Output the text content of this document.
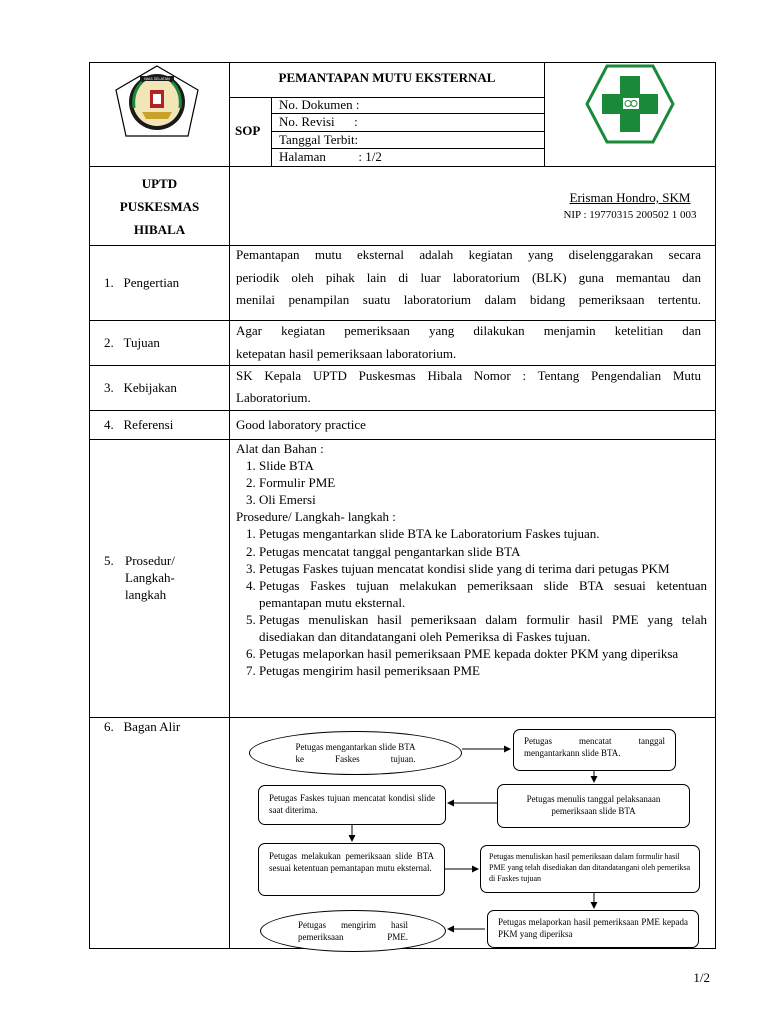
NIAS SELATAN	PEMANTAPAN MUTU EKSTERNAL
SOP
No. Dokumen :
No. Revisi      :
Tanggal Terbit:
Halaman          : 1/2
UPTD
PUSKESMAS
HIBALA
Erisman Hondro, SKM
NIP : 19770315 200502 1 003
1. Pengertian
Pemantapan mutu eksternal adalah kegiatan yang diselenggarakan secara
periodik oleh pihak lain di luar laboratorium (BLK) guna memantau dan
menilai penampilan suatu laboratorium dalam bidang pemeriksaan tertentu.
2. Tujuan
Agar kegiatan pemeriksaan yang dilakukan menjamin ketelitian dan
ketepatan hasil pemeriksaan laboratorium.
3. Kebijakan
SK Kepala UPTD Puskesmas Hibala Nomor : Tentang Pengendalian Mutu
Laboratorium.
4. Referensi	Good laboratory practice
5. Prosedur/
Langkah-
langkah
Alat dan Bahan :
1. Slide BTA
2. Formulir PME
3. Oli Emersi
Prosedure/ Langkah- langkah :
1. Petugas mengantarkan slide BTA ke Laboratorium Faskes tujuan.
2. Petugas mencatat tanggal pengantarkan slide BTA
3. Petugas Faskes tujuan mencatat kondisi slide yang di terima dari petugas PKM
4. Petugas Faskes tujuan melakukan pemeriksaan slide BTA sesuai ketentuan pemantapan mutu eksternal.
5. Petugas menuliskan hasil pemeriksaan dalam formulir hasil PME yang telah disediakan dan ditandatangani oleh Pemeriksa di Faskes tujuan.
6. Petugas melaporkan hasil pemeriksaan PME kepada dokter PKM yang diperiksa
7. Petugas mengirim hasil pemeriksaan PME
6. Bagan Alir
Petugas mengantarkan slide BTA ke Faskes tujuan.
Petugas mencatat tanggal mengantarkann slide BTA.
Petugas menulis tanggal pelaksanaan pemeriksaan slide BTA
Petugas Faskes tujuan mencatat kondisi slide saat diterima.
Petugas melakukan pemeriksaan slide BTA sesuai ketentuan pemantapan mutu eksternal.
Petugas menuliskan hasil pemeriksaan dalam formulir hasil PME yang telah disediakan dan ditandatangani oleh pemeriksa di Faskes tujuan
Petugas melaporkan hasil pemeriksaan PME kepada PKM yang diperiksa
Petugas mengirim hasil pemeriksaan PME.
1/2
